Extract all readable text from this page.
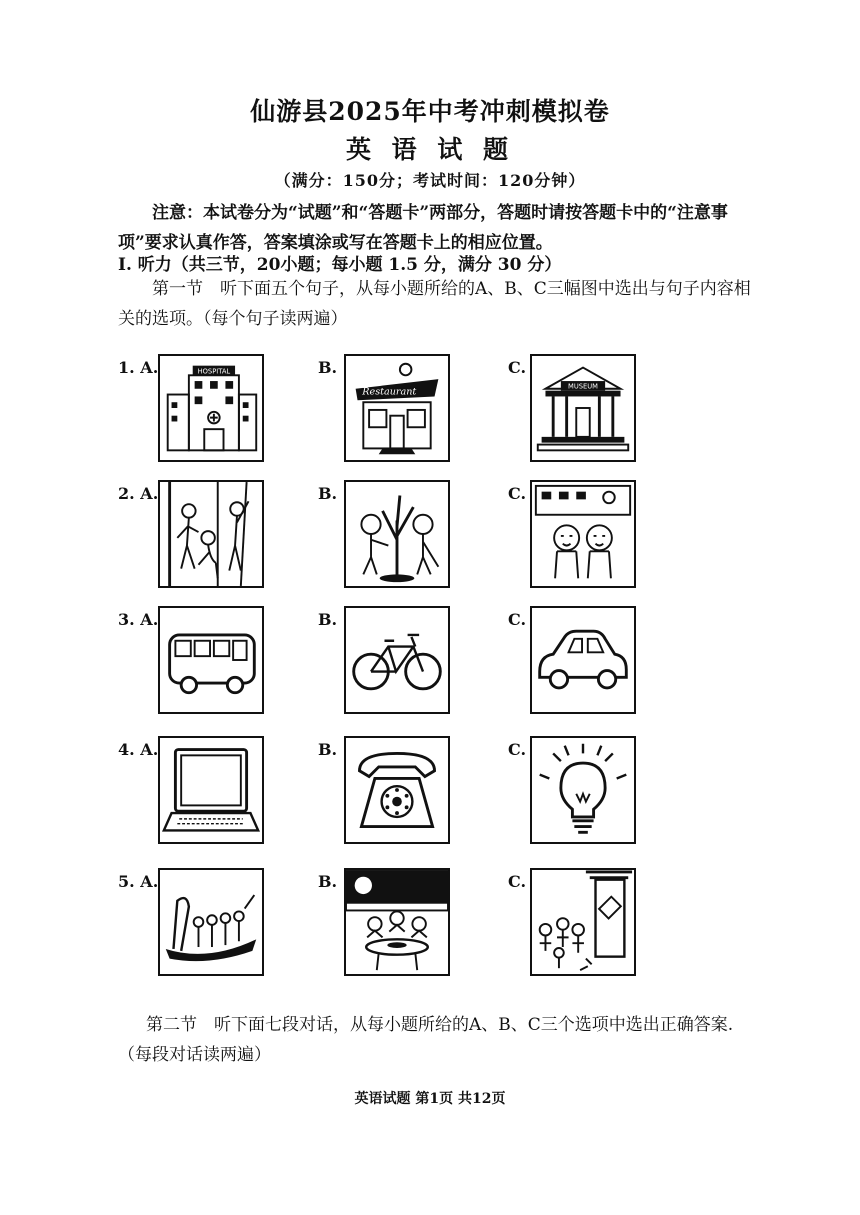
仙游县2025年中考冲刺模拟卷
英 语 试 题
（满分：150分；考试时间：120分钟）
注意：本试卷分为“试题”和“答题卡”两部分，答题时请按答题卡中的“注意事项”要求认真作答，答案填涂或写在答题卡上的相应位置。
Ⅰ. 听力（共三节，20小题；每小题 1.5 分，满分 30 分）
第一节　听下面五个句子，从每小题所给的A、B、C三幅图中选出与句子内容相关的选项。（每个句子读两遍）
1. A.	HOSPITAL	B.
Restaurant
C.
MUSEUM
2. A.	B.	C.
3. A.	B.	C.
4. A.	B.	C.
5. A.	B.	C.
第二节　听下面七段对话，从每小题所给的A、B、C三个选项中选出正确答案.（每段对话读两遍）
英语试题 第1页 共12页
